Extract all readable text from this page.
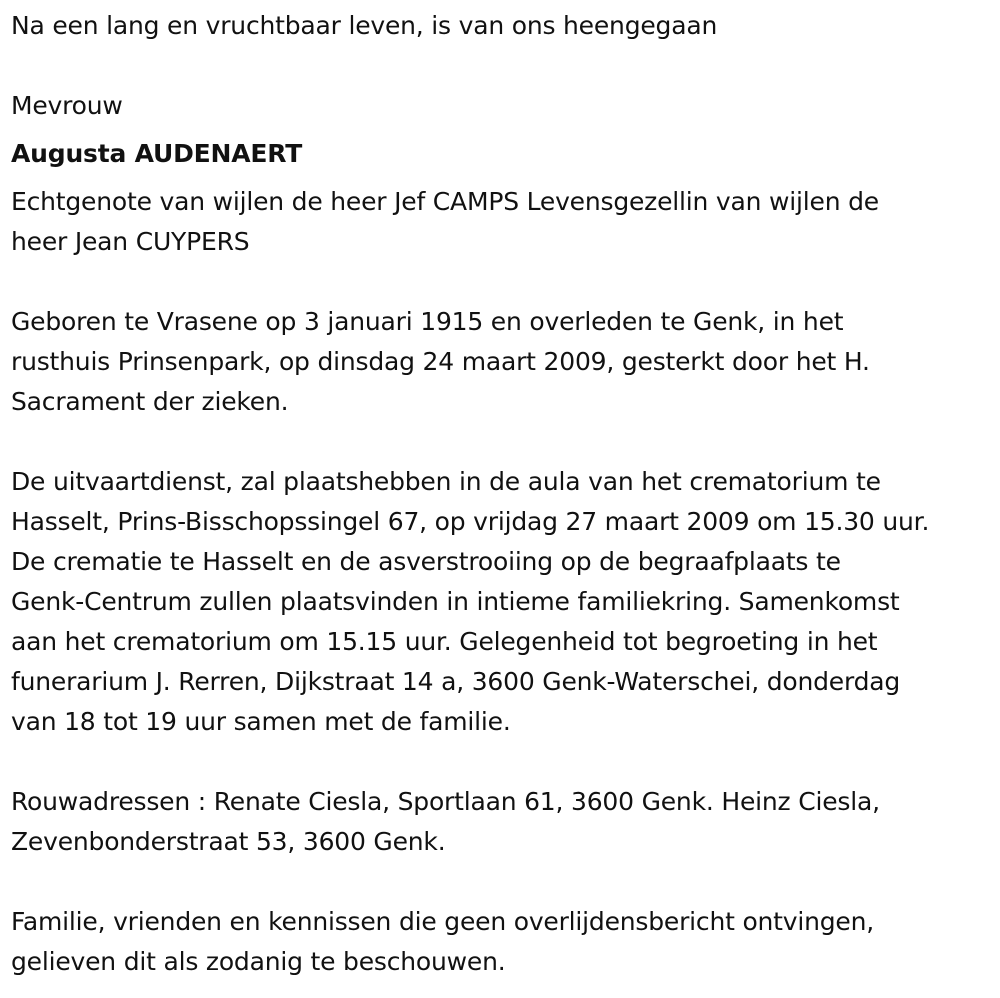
Na een lang en vruchtbaar leven, is van ons heengegaan

Mevrouw

Augusta AUDENAERT

Echtgenote van wijlen de heer Jef CAMPS Levensgezellin van wijlen de

heer Jean CUYPERS

Geboren te Vrasene op 3 januari 1915 en overleden te Genk, in het

rusthuis Prinsenpark, op dinsdag 24 maart 2009, gesterkt door het H.

Sacrament der zieken.

De uitvaartdienst, zal plaatshebben in de aula van het crematorium te

Hasselt, Prins-Bisschopssingel 67, op vrijdag 27 maart 2009 om 15.30 uur.

De crematie te Hasselt en de asverstrooiing op de begraafplaats te

Genk-Centrum zullen plaatsvinden in intieme familiekring. Samenkomst

aan het crematorium om 15.15 uur. Gelegenheid tot begroeting in het

funerarium J. Rerren, Dijkstraat 14 a, 3600 Genk-Waterschei, donderdag

van 18 tot 19 uur samen met de familie.

Rouwadressen : Renate Ciesla, Sportlaan 61, 3600 Genk. Heinz Ciesla,

Zevenbonderstraat 53, 3600 Genk.

Familie, vrienden en kennissen die geen overlijdensbericht ontvingen,

gelieven dit als zodanig te beschouwen.
